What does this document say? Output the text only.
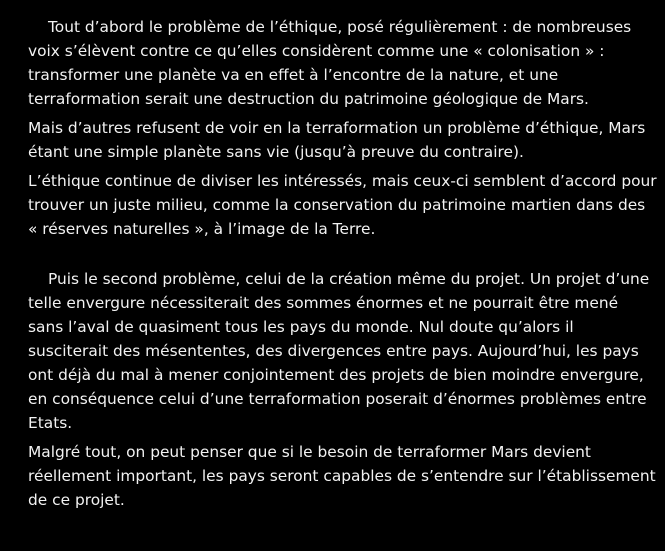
Tout d’abord le problème de l’éthique, posé régulièrement : de nombreuses voix s’élèvent contre ce qu’elles considèrent comme une « colonisation » : transformer une planète va en effet à l’encontre de la nature, et une terraformation serait une destruction du patrimoine géologique de Mars.

Mais d’autres refusent de voir en la terraformation un problème d’éthique, Mars étant une simple planète sans vie (jusqu’à preuve du contraire).

L’éthique continue de diviser les intéressés, mais ceux-ci semblent d’accord pour trouver un juste milieu, comme la conservation du patrimoine martien dans des « réserves naturelles », à l’image de la Terre.

Puis le second problème, celui de la création même du projet. Un projet d’une telle envergure nécessiterait des sommes énormes et ne pourrait être mené sans l’aval de quasiment tous les pays du monde. Nul doute qu’alors il susciterait des mésententes, des divergences entre pays. Aujourd’hui, les pays ont déjà du mal à mener conjointement des projets de bien moindre envergure, en conséquence celui d’une terraformation poserait d’énormes problèmes entre Etats.

Malgré tout, on peut penser que si le besoin de terraformer Mars devient réellement important, les pays seront capables de s’entendre sur l’établissement de ce projet.
